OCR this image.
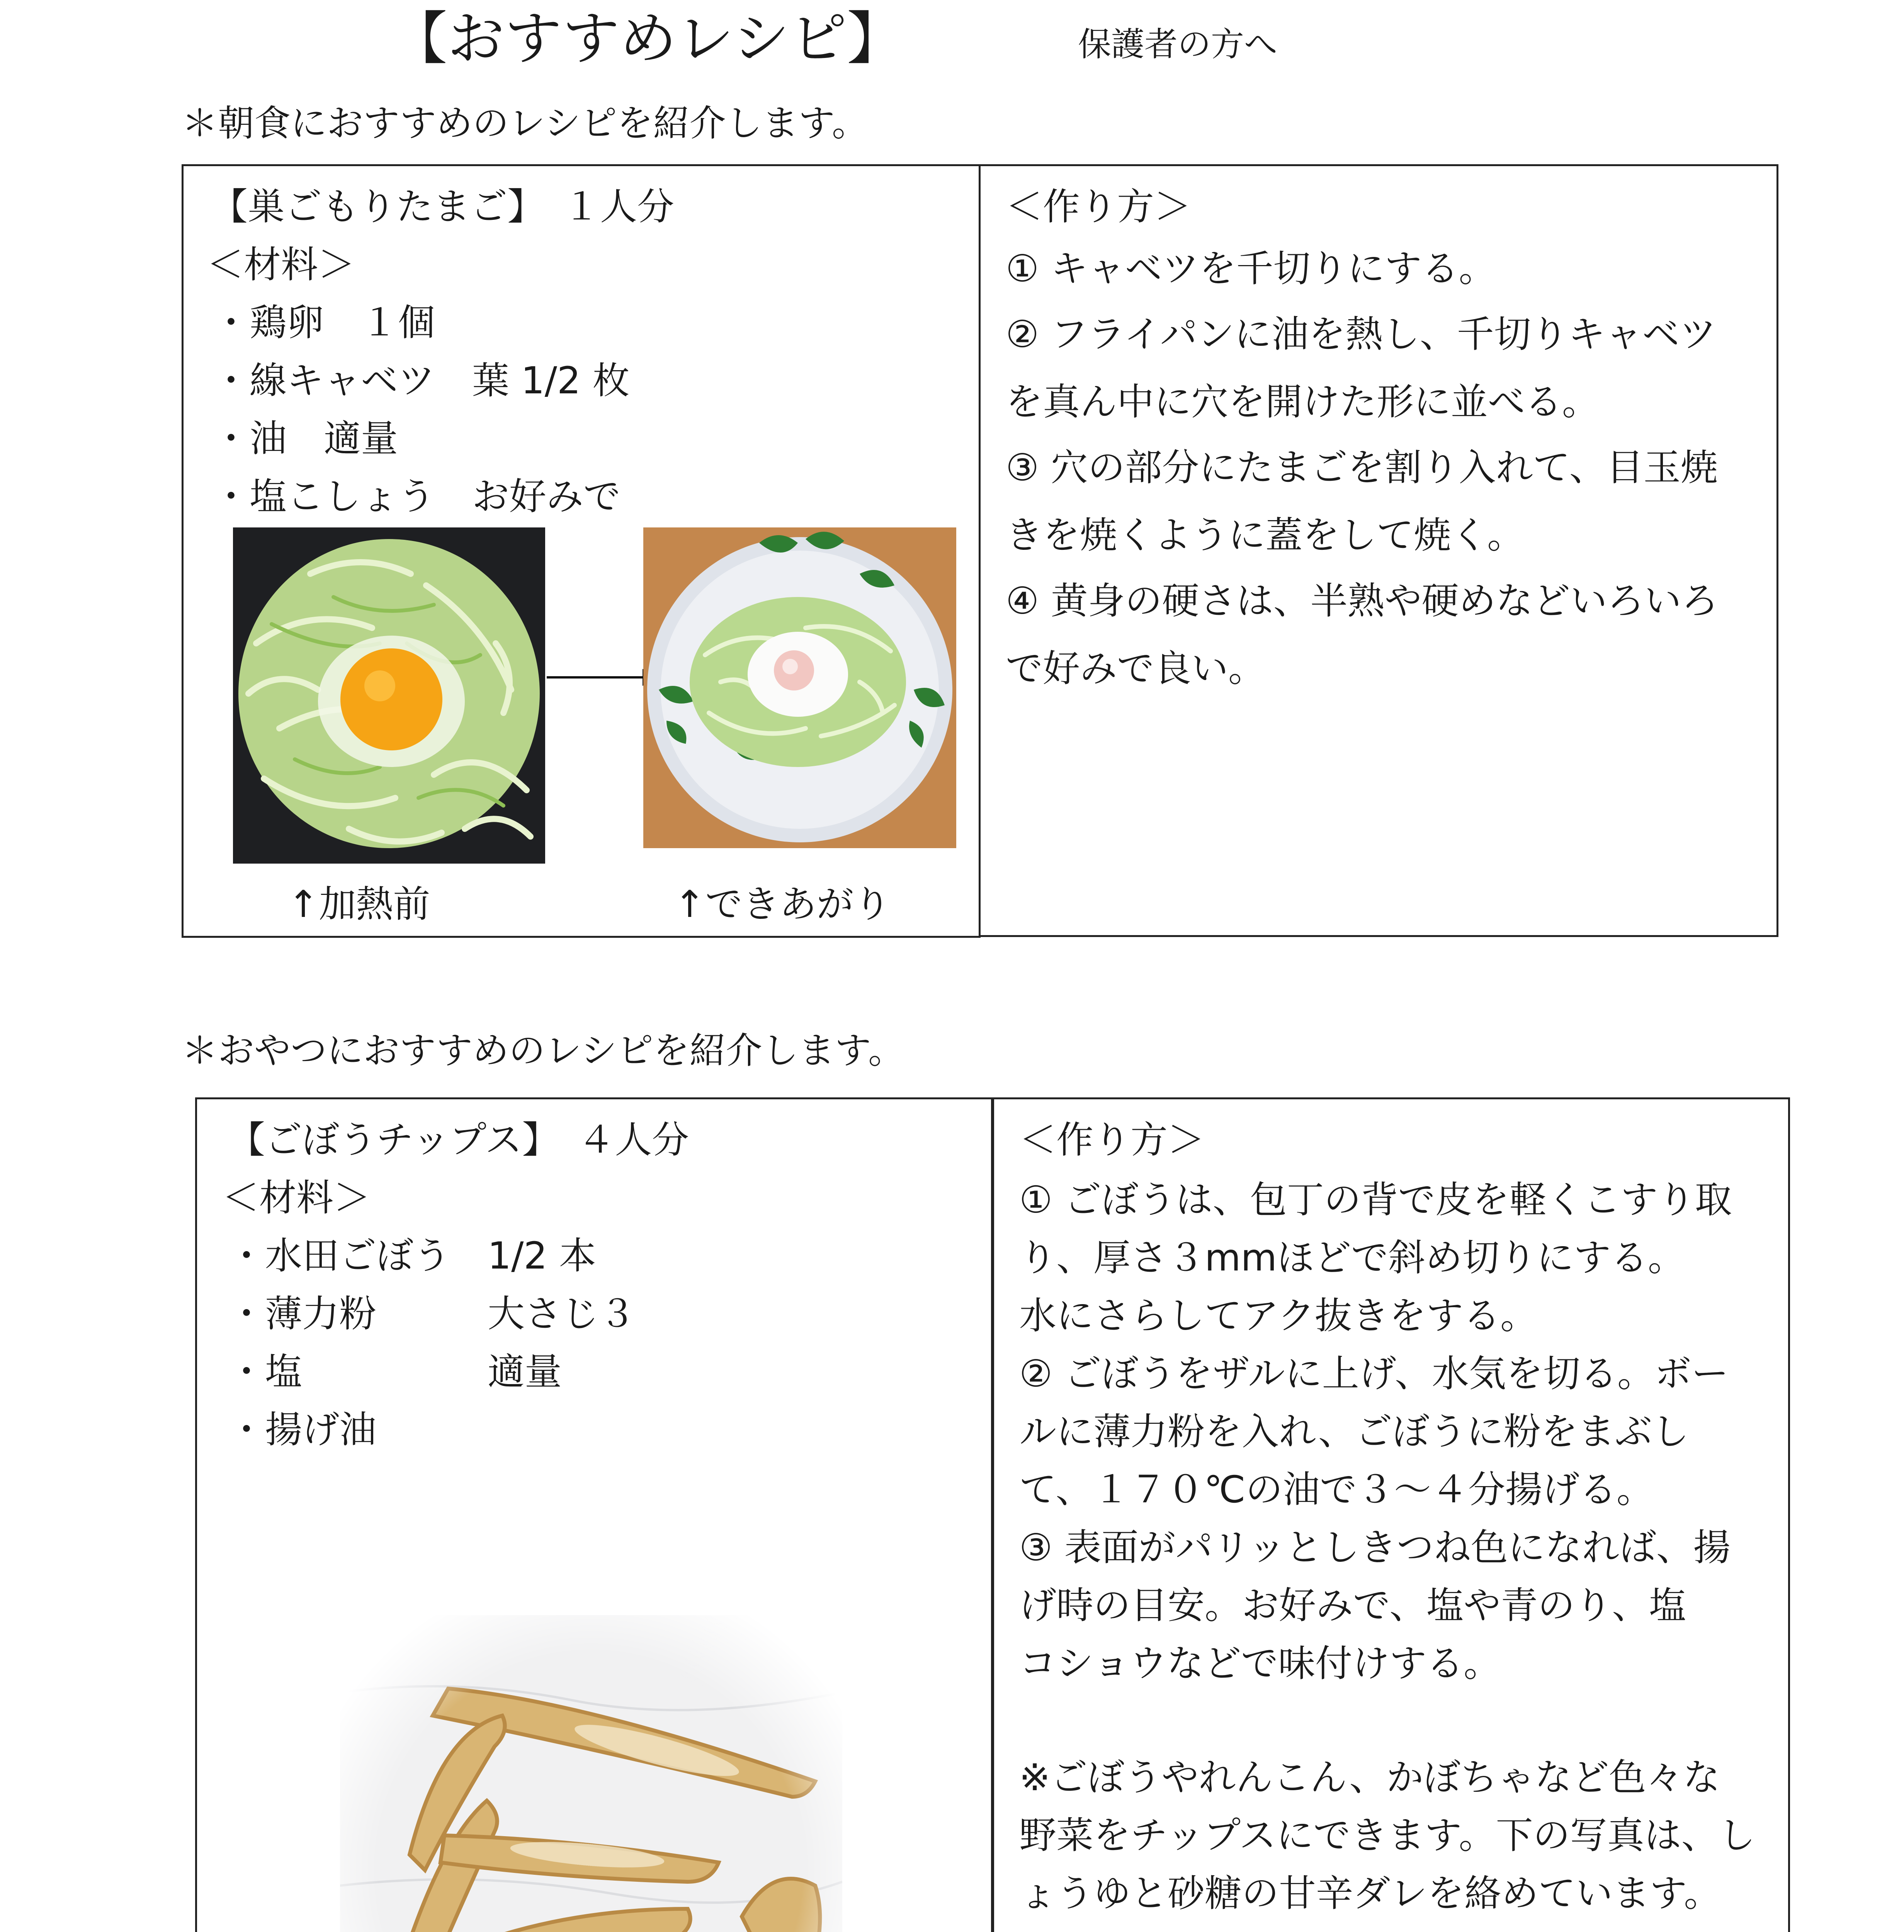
【おすすめレシピ】	保護者の方へ
＊朝食におすすめのレシピを紹介します。
【巣ごもりたまご】　１人分
＜材料＞
・鶏卵　１個
・線キャベツ　葉 1/2 枚
・油　適量
・塩こしょう　お好みで
↑加熱前	↑できあがり
＜作り方＞
① キャベツを千切りにする。
② フライパンに油を熱し、千切りキャベツ
を真ん中に穴を開けた形に並べる。
③ 穴の部分にたまごを割り入れて、目玉焼
きを焼くように蓋をして焼く。
④ 黄身の硬さは、半熟や硬めなどいろいろ
で好みで良い。
＊おやつにおすすめのレシピを紹介します。
【ごぼうチップス】　４人分
＜材料＞
・水田ごぼう　1/2 本
・薄力粉　　　大さじ３
・塩　　　　　適量
・揚げ油
＜作り方＞
① ごぼうは、包丁の背で皮を軽くこすり取
り、厚さ３mmほどで斜め切りにする。
水にさらしてアク抜きをする。
② ごぼうをザルに上げ、水気を切る。ボー
ルに薄力粉を入れ、ごぼうに粉をまぶし
て、１７０℃の油で３～４分揚げる。
③ 表面がパリッとしきつね色になれば、揚
げ時の目安。お好みで、塩や青のり、塩
コショウなどで味付けする。
※ごぼうやれんこん、かぼちゃなど色々な
野菜をチップスにできます。下の写真は、し
ょうゆと砂糖の甘辛ダレを絡めています。
